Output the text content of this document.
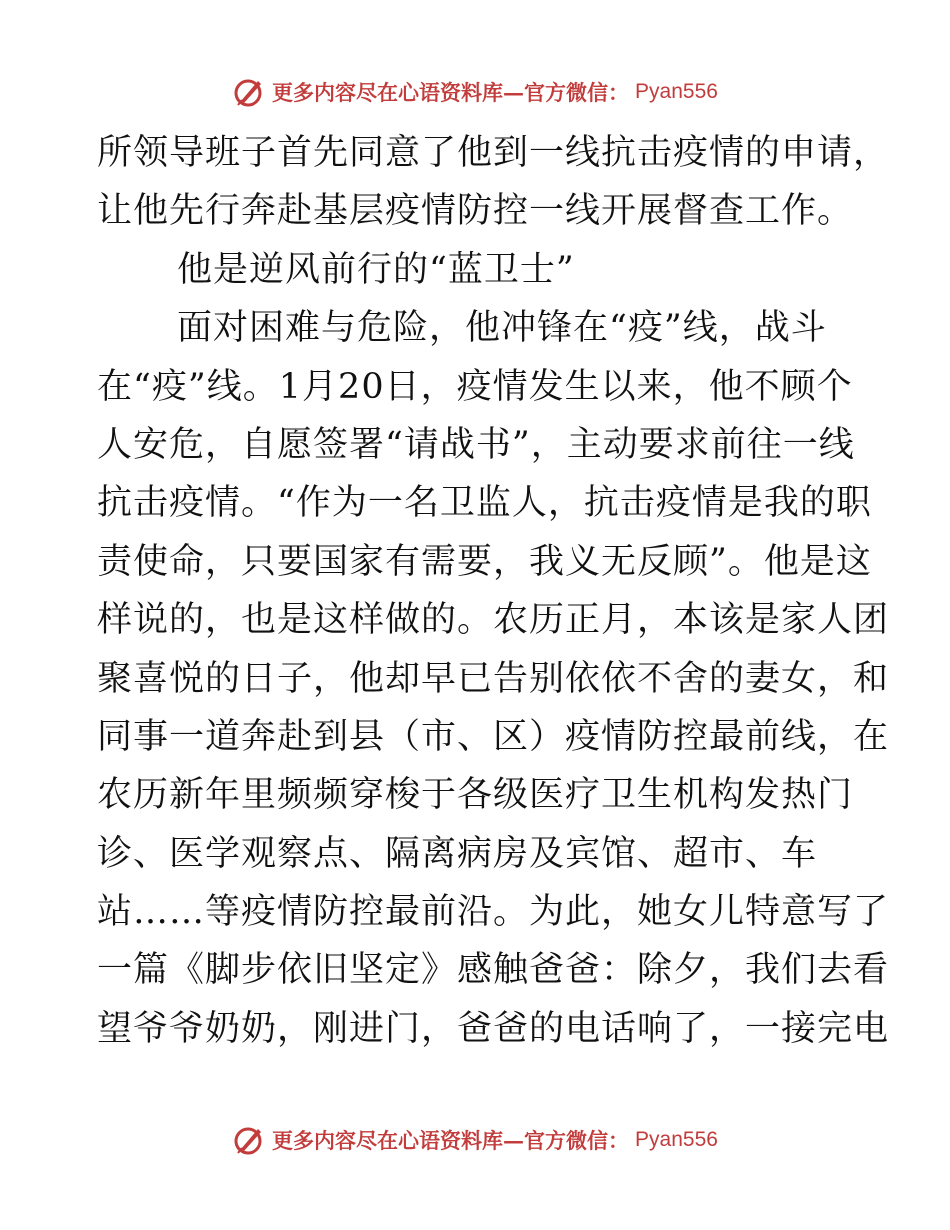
更多内容尽在心语资料库—官方微信： Pyan556
所领导班子首先同意了他到一线抗击疫情的申请，
让他先行奔赴基层疫情防控一线开展督查工作。
他是逆风前行的“蓝卫士”
面对困难与危险，他冲锋在“疫”线，战斗
在“疫”线。1月20日，疫情发生以来，他不顾个
人安危，自愿签署“请战书”，主动要求前往一线
抗击疫情。“作为一名卫监人，抗击疫情是我的职
责使命，只要国家有需要，我义无反顾”。他是这
样说的，也是这样做的。农历正月，本该是家人团
聚喜悦的日子，他却早已告别依依不舍的妻女，和
同事一道奔赴到县（市、区）疫情防控最前线，在
农历新年里频频穿梭于各级医疗卫生机构发热门
诊、医学观察点、隔离病房及宾馆、超市、车
站……等疫情防控最前沿。为此，她女儿特意写了
一篇《脚步依旧坚定》感触爸爸：除夕，我们去看
望爷爷奶奶，刚进门，爸爸的电话响了，一接完电
更多内容尽在心语资料库—官方微信： Pyan556
